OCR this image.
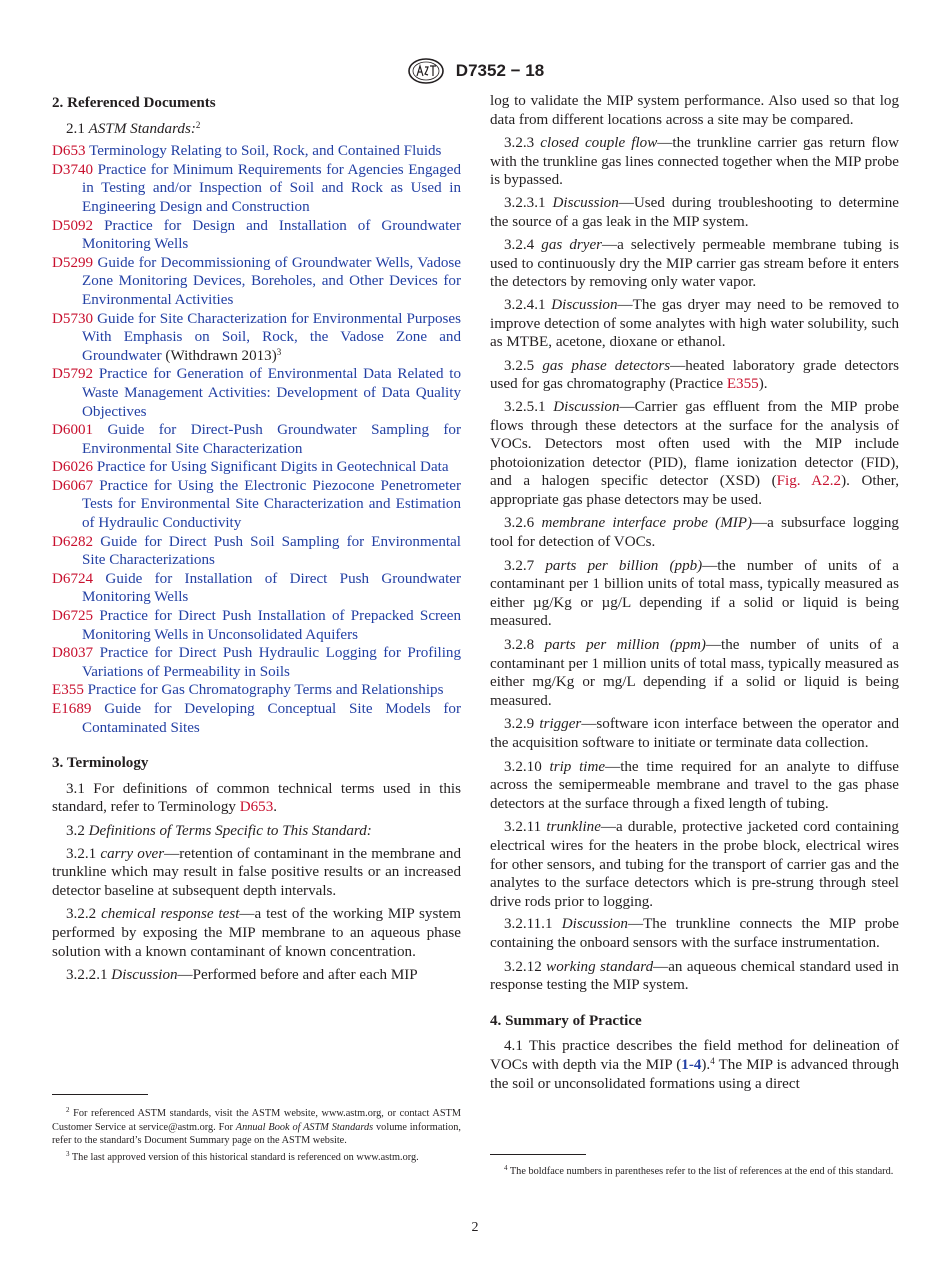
D7352 − 18
2. Referenced Documents
2.1 ASTM Standards:$^2$
D653 Terminology Relating to Soil, Rock, and Contained Fluids
D3740 Practice for Minimum Requirements for Agencies Engaged in Testing and/or Inspection of Soil and Rock as Used in Engineering Design and Construction
D5092 Practice for Design and Installation of Groundwater Monitoring Wells
D5299 Guide for Decommissioning of Groundwater Wells, Vadose Zone Monitoring Devices, Boreholes, and Other Devices for Environmental Activities
D5730 Guide for Site Characterization for Environmental Purposes With Emphasis on Soil, Rock, the Vadose Zone and Groundwater (Withdrawn 2013)$^3$
D5792 Practice for Generation of Environmental Data Related to Waste Management Activities: Development of Data Quality Objectives
D6001 Guide for Direct-Push Groundwater Sampling for Environmental Site Characterization
D6026 Practice for Using Significant Digits in Geotechnical Data
D6067 Practice for Using the Electronic Piezocone Penetrometer Tests for Environmental Site Characterization and Estimation of Hydraulic Conductivity
D6282 Guide for Direct Push Soil Sampling for Environmental Site Characterizations
D6724 Guide for Installation of Direct Push Groundwater Monitoring Wells
D6725 Practice for Direct Push Installation of Prepacked Screen Monitoring Wells in Unconsolidated Aquifers
D8037 Practice for Direct Push Hydraulic Logging for Profiling Variations of Permeability in Soils
E355 Practice for Gas Chromatography Terms and Relationships
E1689 Guide for Developing Conceptual Site Models for Contaminated Sites
3. Terminology
3.1 For definitions of common technical terms used in this standard, refer to Terminology D653.
3.2 Definitions of Terms Specific to This Standard:
3.2.1 carry over—retention of contaminant in the membrane and trunkline which may result in false positive results or an increased detector baseline at subsequent depth intervals.
3.2.2 chemical response test—a test of the working MIP system performed by exposing the MIP membrane to an aqueous phase solution with a known contaminant of known concentration.
3.2.2.1 Discussion—Performed before and after each MIP
log to validate the MIP system performance. Also used so that log data from different locations across a site may be compared.
3.2.3 closed couple flow—the trunkline carrier gas return flow with the trunkline gas lines connected together when the MIP probe is bypassed.
3.2.3.1 Discussion—Used during troubleshooting to determine the source of a gas leak in the MIP system.
3.2.4 gas dryer—a selectively permeable membrane tubing is used to continuously dry the MIP carrier gas stream before it enters the detectors by removing only water vapor.
3.2.4.1 Discussion—The gas dryer may need to be removed to improve detection of some analytes with high water solubility, such as MTBE, acetone, dioxane or ethanol.
3.2.5 gas phase detectors—heated laboratory grade detectors used for gas chromatography (Practice E355).
3.2.5.1 Discussion—Carrier gas effluent from the MIP probe flows through these detectors at the surface for the analysis of VOCs. Detectors most often used with the MIP include photoionization detector (PID), flame ionization detector (FID), and a halogen specific detector (XSD) (Fig. A2.2). Other, appropriate gas phase detectors may be used.
3.2.6 membrane interface probe (MIP)—a subsurface logging tool for detection of VOCs.
3.2.7 parts per billion (ppb)—the number of units of a contaminant per 1 billion units of total mass, typically measured as either µg/Kg or µg/L depending if a solid or liquid is being measured.
3.2.8 parts per million (ppm)—the number of units of a contaminant per 1 million units of total mass, typically measured as either mg/Kg or mg/L depending if a solid or liquid is being measured.
3.2.9 trigger—software icon interface between the operator and the acquisition software to initiate or terminate data collection.
3.2.10 trip time—the time required for an analyte to diffuse across the semipermeable membrane and travel to the gas phase detectors at the surface through a fixed length of tubing.
3.2.11 trunkline—a durable, protective jacketed cord containing electrical wires for the heaters in the probe block, electrical wires for other sensors, and tubing for the transport of carrier gas and the analytes to the surface detectors which is pre-strung through steel drive rods prior to logging.
3.2.11.1 Discussion—The trunkline connects the MIP probe containing the onboard sensors with the surface instrumentation.
3.2.12 working standard—an aqueous chemical standard used in response testing the MIP system.
4. Summary of Practice
4.1 This practice describes the field method for delineation of VOCs with depth via the MIP (1-4).$^4$ The MIP is advanced through the soil or unconsolidated formations using a direct

$^2$ For referenced ASTM standards, visit the ASTM website, www.astm.org, or contact ASTM Customer Service at service@astm.org. For Annual Book of ASTM Standards volume information, refer to the standard’s Document Summary page on the ASTM website.

$^3$ The last approved version of this historical standard is referenced on www.astm.org.

$^4$ The boldface numbers in parentheses refer to the list of references at the end of this standard.

2
